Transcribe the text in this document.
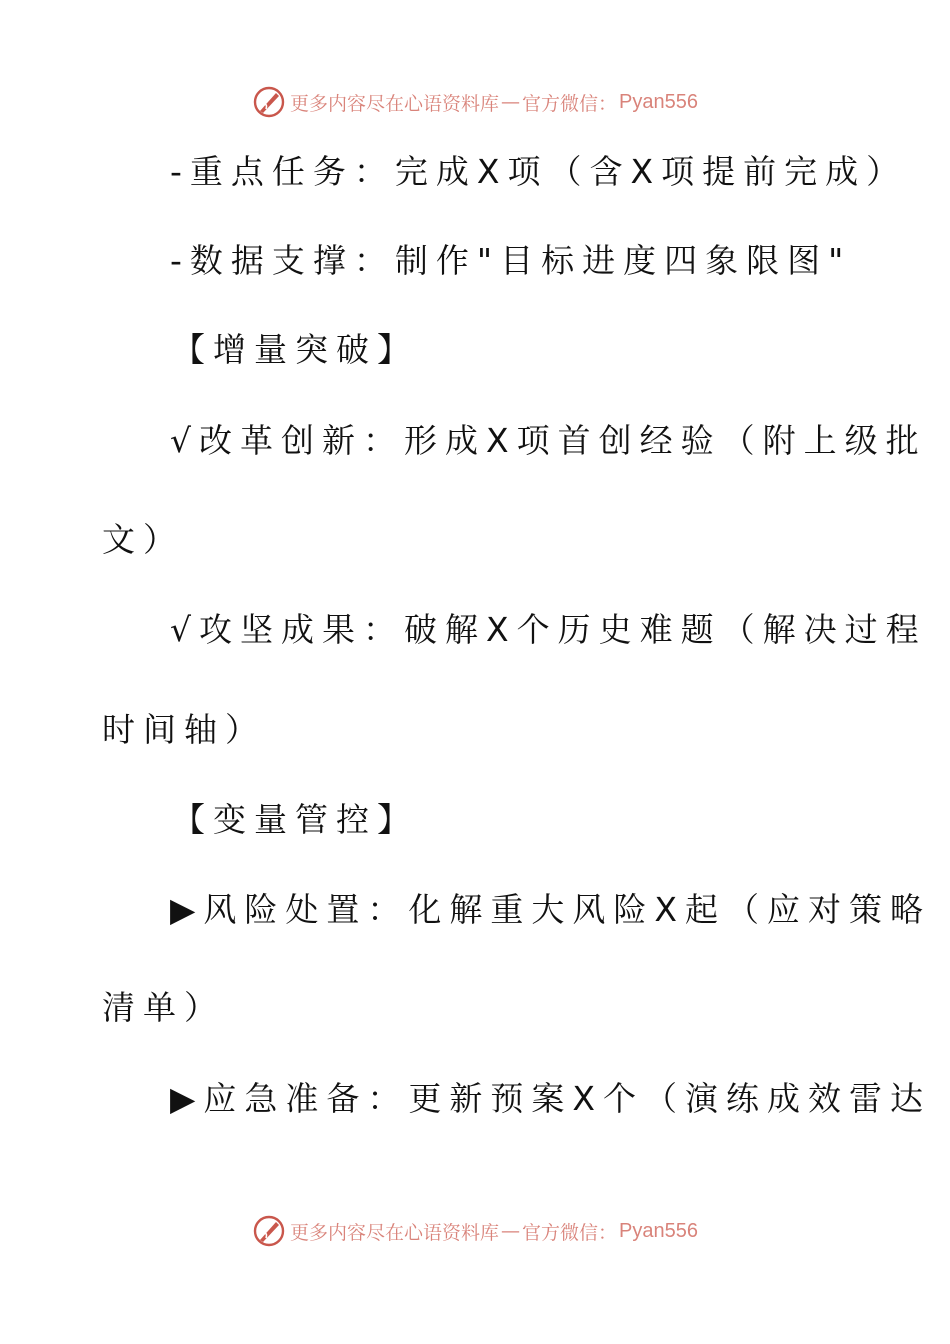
更多内容尽在心语资料库 — 官方微信： Pyan556
-重点任务：完成X项（含X项提前完成）
-数据支撑：制作"目标进度四象限图"
【增量突破】
√改革创新：形成X项首创经验（附上级批
文）
√攻坚成果：破解X个历史难题（解决过程
时间轴）
【变量管控】
▶风险处置：化解重大风险X起（应对策略
清单）
▶应急准备：更新预案X个（演练成效雷达
更多内容尽在心语资料库 — 官方微信： Pyan556
